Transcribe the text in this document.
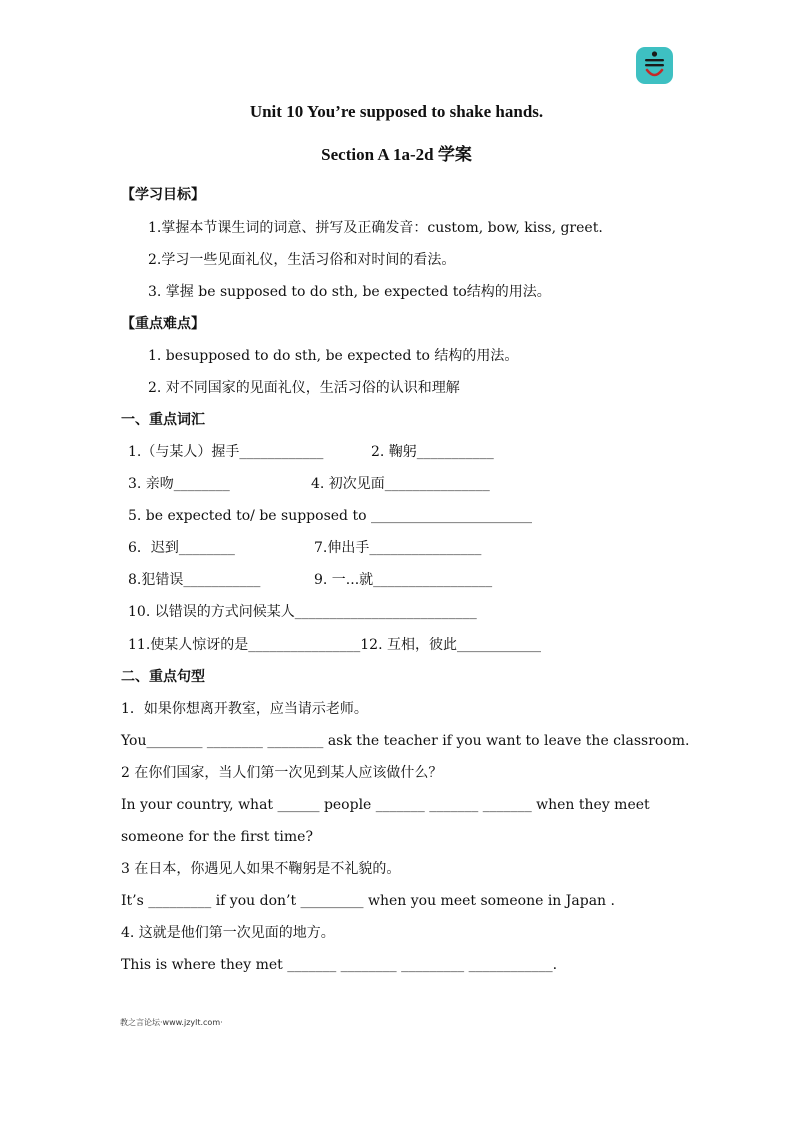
Unit 10 You’re supposed to shake hands.
Section A 1a-2d 学案
【学习目标】
1.掌握本节课生词的词意、拼写及正确发音：custom, bow, kiss, greet.
2.学习一些见面礼仪，生活习俗和对时间的看法。
3. 掌握 be supposed to do sth, be expected to结构的用法。
【重点难点】
1. besupposed to do sth, be expected to 结构的用法。
2. 对不同国家的见面礼仪，生活习俗的认识和理解
一、重点词汇
1.（与某人）握手____________	2. 鞠躬___________
3. 亲吻________	4. 初次见面_______________
5. be expected to/ be supposed to _______________________
6．迟到________	7.伸出手________________
8.犯错误___________	9. 一...就_________________
10. 以错误的方式问候某人__________________________
11.使某人惊讶的是________________12. 互相，彼此____________
二、重点句型
1．如果你想离开教室，应当请示老师。
You________ ________ ________ ask the teacher if you want to leave the classroom.
2 在你们国家，当人们第一次见到某人应该做什么？
In your country, what ______ people _______ _______ _______ when they meet
someone for the first time?
3 在日本，你遇见人如果不鞠躬是不礼貌的。
It’s _________ if you don’t _________ when you meet someone in Japan .
4. 这就是他们第一次见面的地方。
This is where they met _______ ________ _________ ____________.
教之言论坛·www.jzylt.com·
